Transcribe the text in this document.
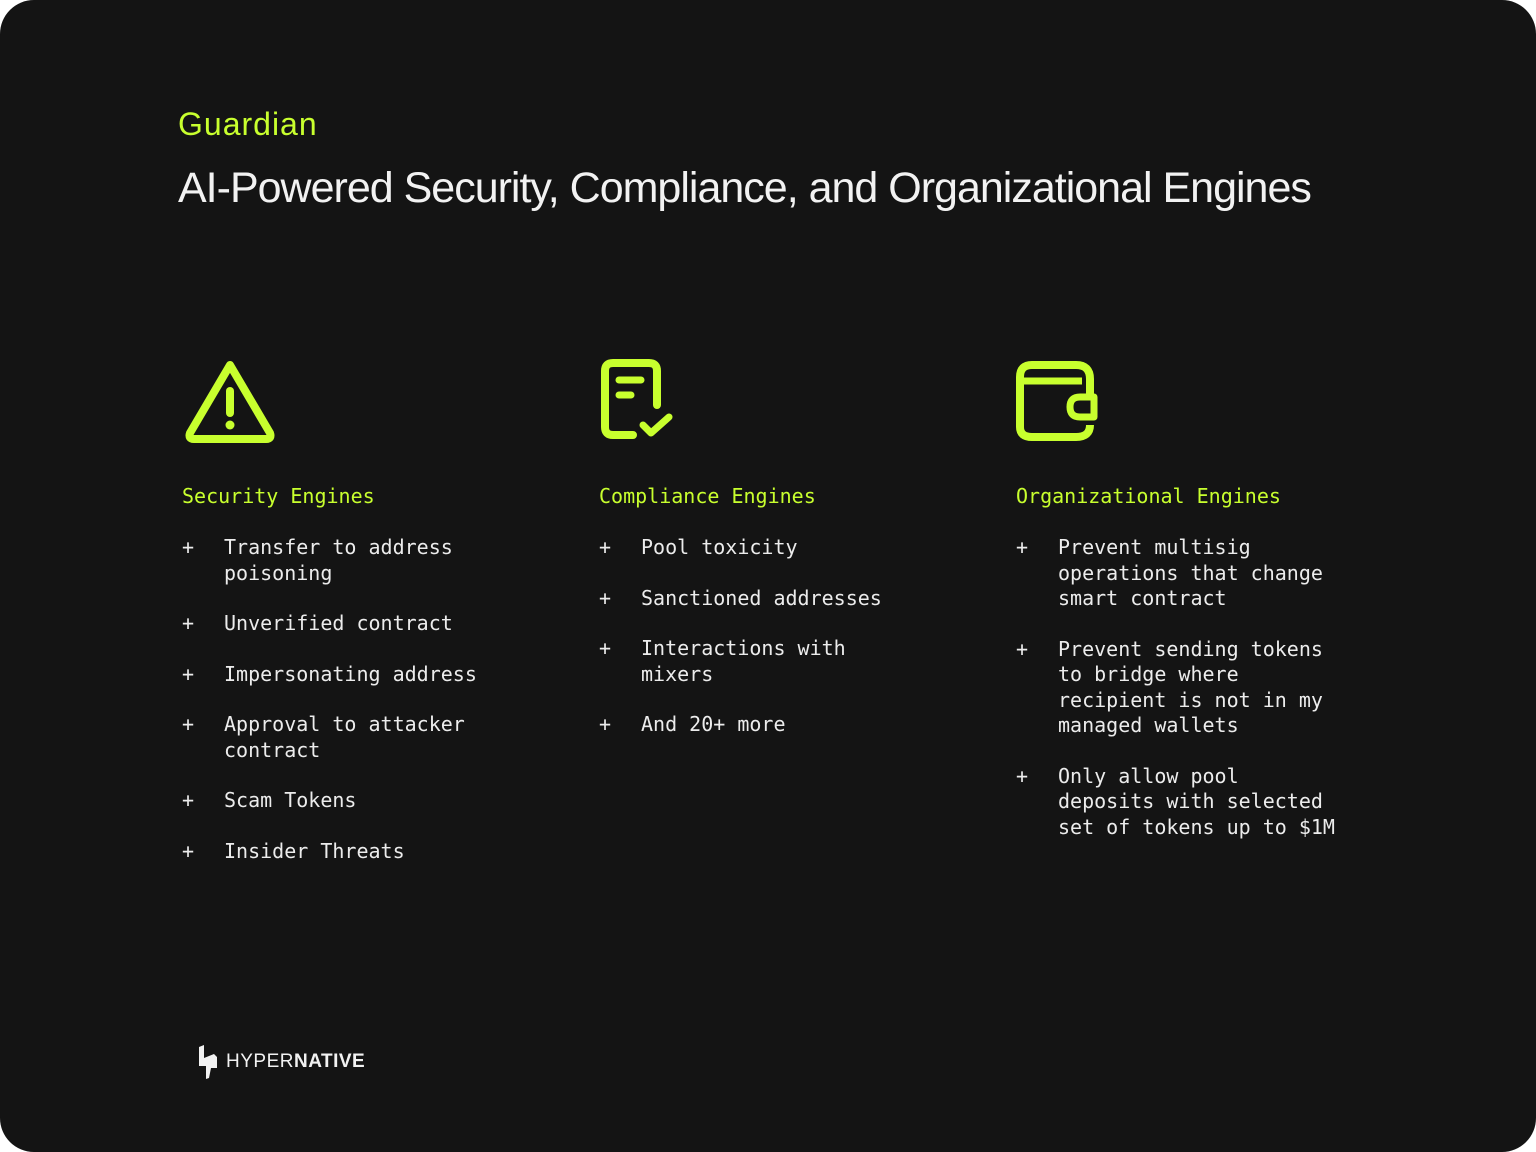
Guardian
AI-Powered Security, Compliance, and Organizational Engines
Security Engines
+ Transfer to address
poisoning
+ Unverified contract
+ Impersonating address
+ Approval to attacker
contract
+ Scam Tokens
+ Insider Threats
Compliance Engines
+ Pool toxicity
+ Sanctioned addresses
+ Interactions with
mixers
+ And 20+ more
Organizational Engines
+ Prevent multisig
operations that change
smart contract
+ Prevent sending tokens
to bridge where
recipient is not in my
managed wallets
+ Only allow pool
deposits with selected
set of tokens up to $1M
HYPERNATIVE
